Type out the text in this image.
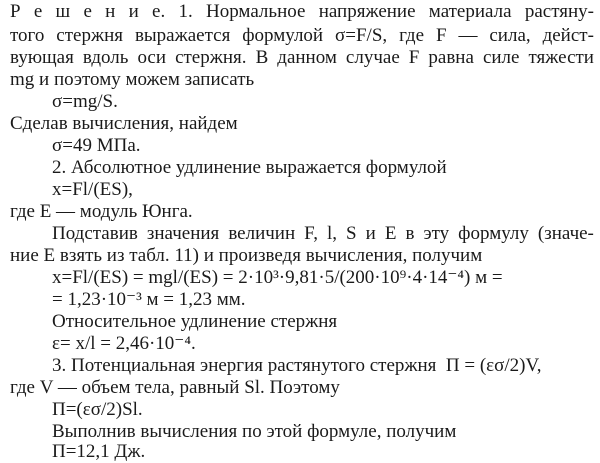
Р е ш е н и е. 1. Нормальное напряжение материала растяну-
того стержня выражается формулой σ=F/S, где F — сила, дейст-
вующая вдоль оси стержня. В данном случае F равна силе тяжести
mg и поэтому можем записать
σ=mg/S.
Сделав вычисления, найдем
σ=49 МПа.
2. Абсолютное удлинение выражается формулой
x=Fl/(ES),
где E — модуль Юнга.
Подставив значения величин F, l, S и E в эту формулу (значе-
ние E взять из табл. 11) и произведя вычисления, получим
x=Fl/(ES) = mgl/(ES) = 2·10³·9,81·5/(200·10⁹·4·14⁻⁴) м =
= 1,23·10⁻³ м = 1,23 мм.
Относительное удлинение стержня
ε= x/l = 2,46·10⁻⁴.
3. Потенциальная энергия растянутого стержня  Π = (εσ/2)V,
где V — объем тела, равный Sl. Поэтому
Π=(εσ/2)Sl.
Выполнив вычисления по этой формуле, получим
Π=12,1 Дж.
